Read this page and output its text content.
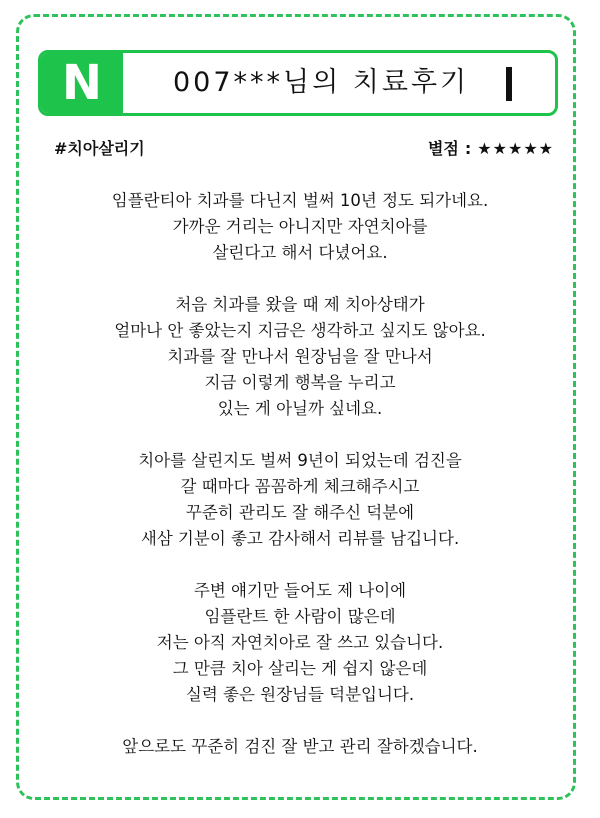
N	007***님의 치료후기
#치아살리기	별점 : ★★★★★
임플란티아 치과를 다닌지 벌써 10년 정도 되가네요.
가까운 거리는 아니지만 자연치아를
살린다고 해서 다녔어요.
처음 치과를 왔을 때 제 치아상태가
얼마나 안 좋았는지 지금은 생각하고 싶지도 않아요.
치과를 잘 만나서 원장님을 잘 만나서
지금 이렇게 행복을 누리고
있는 게 아닐까 싶네요.
치아를 살린지도 벌써 9년이 되었는데 검진을
갈 때마다 꼼꼼하게 체크해주시고
꾸준히 관리도 잘 해주신 덕분에
새삼 기분이 좋고 감사해서 리뷰를 남깁니다.
주변 얘기만 들어도 제 나이에
임플란트 한 사람이 많은데
저는 아직 자연치아로 잘 쓰고 있습니다.
그 만큼 치아 살리는 게 쉽지 않은데
실력 좋은 원장님들 덕분입니다.
앞으로도 꾸준히 검진 잘 받고 관리 잘하겠습니다.
